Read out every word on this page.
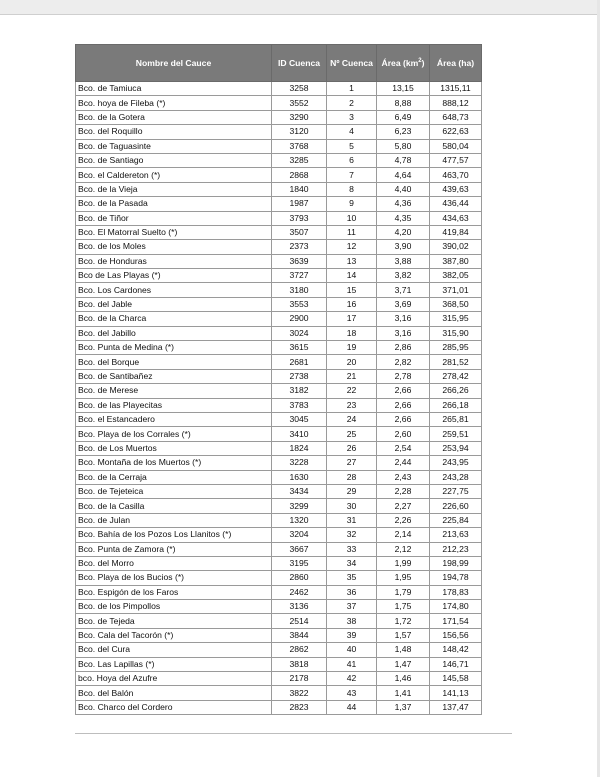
Nombre del Cauce	ID Cuenca	Nº Cuenca	Área $(km^2)$	Área (ha)
Bco. de Tamiuca	3258	1	13,15	1315,11
Bco. hoya de Fileba (*)	3552	2	8,88	888,12
Bco. de la Gotera	3290	3	6,49	648,73
Bco. del Roquillo	3120	4	6,23	622,63
Bco. de Taguasinte	3768	5	5,80	580,04
Bco. de Santiago	3285	6	4,78	477,57
Bco. el Caldereton (*)	2868	7	4,64	463,70
Bco. de la Vieja	1840	8	4,40	439,63
Bco. de la Pasada	1987	9	4,36	436,44
Bco. de Tiñor	3793	10	4,35	434,63
Bco. El Matorral Suelto (*)	3507	11	4,20	419,84
Bco. de los Moles	2373	12	3,90	390,02
Bco. de Honduras	3639	13	3,88	387,80
Bco de Las Playas (*)	3727	14	3,82	382,05
Bco. Los Cardones	3180	15	3,71	371,01
Bco. del Jable	3553	16	3,69	368,50
Bco. de la Charca	2900	17	3,16	315,95
Bco. del Jabillo	3024	18	3,16	315,90
Bco. Punta de Medina (*)	3615	19	2,86	285,95
Bco. del Borque	2681	20	2,82	281,52
Bco. de Santibañez	2738	21	2,78	278,42
Bco. de Merese	3182	22	2,66	266,26
Bco. de las Playecitas	3783	23	2,66	266,18
Bco. el Estancadero	3045	24	2,66	265,81
Bco. Playa de los Corrales (*)	3410	25	2,60	259,51
Bco. de Los Muertos	1824	26	2,54	253,94
Bco. Montaña de los Muertos (*)	3228	27	2,44	243,95
Bco. de la Cerraja	1630	28	2,43	243,28
Bco. de Tejeteica	3434	29	2,28	227,75
Bco. de la Casilla	3299	30	2,27	226,60
Bco. de Julan	1320	31	2,26	225,84
Bco. Bahía de los Pozos Los Llanitos (*)	3204	32	2,14	213,63
Bco. Punta de Zamora (*)	3667	33	2,12	212,23
Bco. del Morro	3195	34	1,99	198,99
Bco. Playa de los Bucios (*)	2860	35	1,95	194,78
Bco. Espigón de los Faros	2462	36	1,79	178,83
Bco. de los Pimpollos	3136	37	1,75	174,80
Bco. de Tejeda	2514	38	1,72	171,54
Bco. Cala del Tacorón (*)	3844	39	1,57	156,56
Bco. del Cura	2862	40	1,48	148,42
Bco. Las Lapillas (*)	3818	41	1,47	146,71
bco. Hoya del Azufre	2178	42	1,46	145,58
Bco. del Balón	3822	43	1,41	141,13
Bco. Charco del Cordero	2823	44	1,37	137,47
